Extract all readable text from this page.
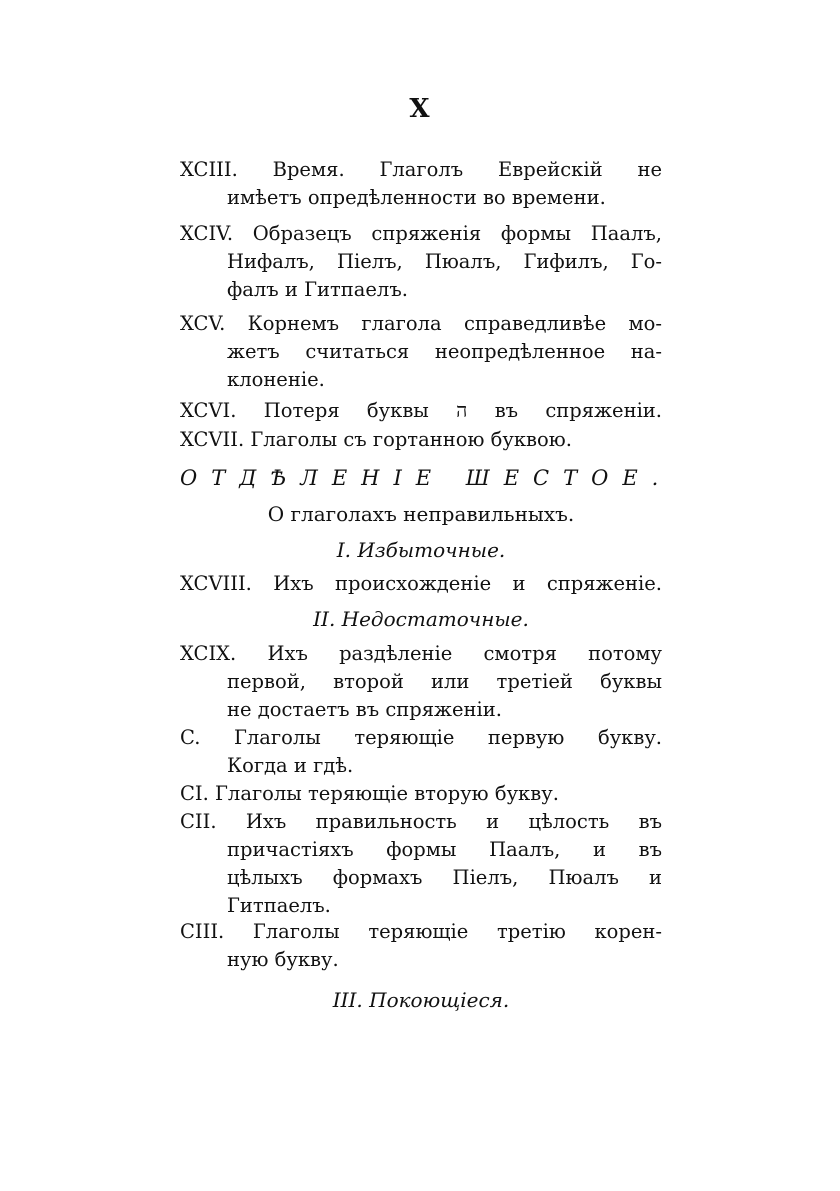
X
XCIII. Время. Глаголъ Еврейскій не
имѣетъ опредѣленности во времени.
XCIV. Образецъ спряженія формы Паалъ,
Нифалъ, Піелъ, Пюалъ, Гифилъ, Го-
фалъ и Гитпаелъ.
XCV. Корнемъ глагола справедливѣе мо-
жетъ считаться неопредѣленное на-
клоненіе.
XCVI. Потеря буквы ה въ спряженіи.
XCVII. Глаголы съ гортанною буквою.
ОТДѢЛЕНІЕ ШЕСТОЕ.
О глаголахъ неправильныхъ.
I. Избыточные.
XCVIII. Ихъ происхожденіе и спряженіе.
II. Недостаточные.
XCIX. Ихъ раздѣленіе смотря потому
первой, второй или третіей буквы
не достаетъ въ спряженіи.
C. Глаголы теряющіе первую букву.
Когда и гдѣ.
CI. Глаголы теряющіе вторую букву.
CII. Ихъ правильность и цѣлость въ
причастіяхъ формы Паалъ, и въ
цѣлыхъ формахъ Піелъ, Пюалъ и
Гитпаелъ.
CIII. Глаголы теряющіе третію корен-
ную букву.
III. Покоющіеся.
